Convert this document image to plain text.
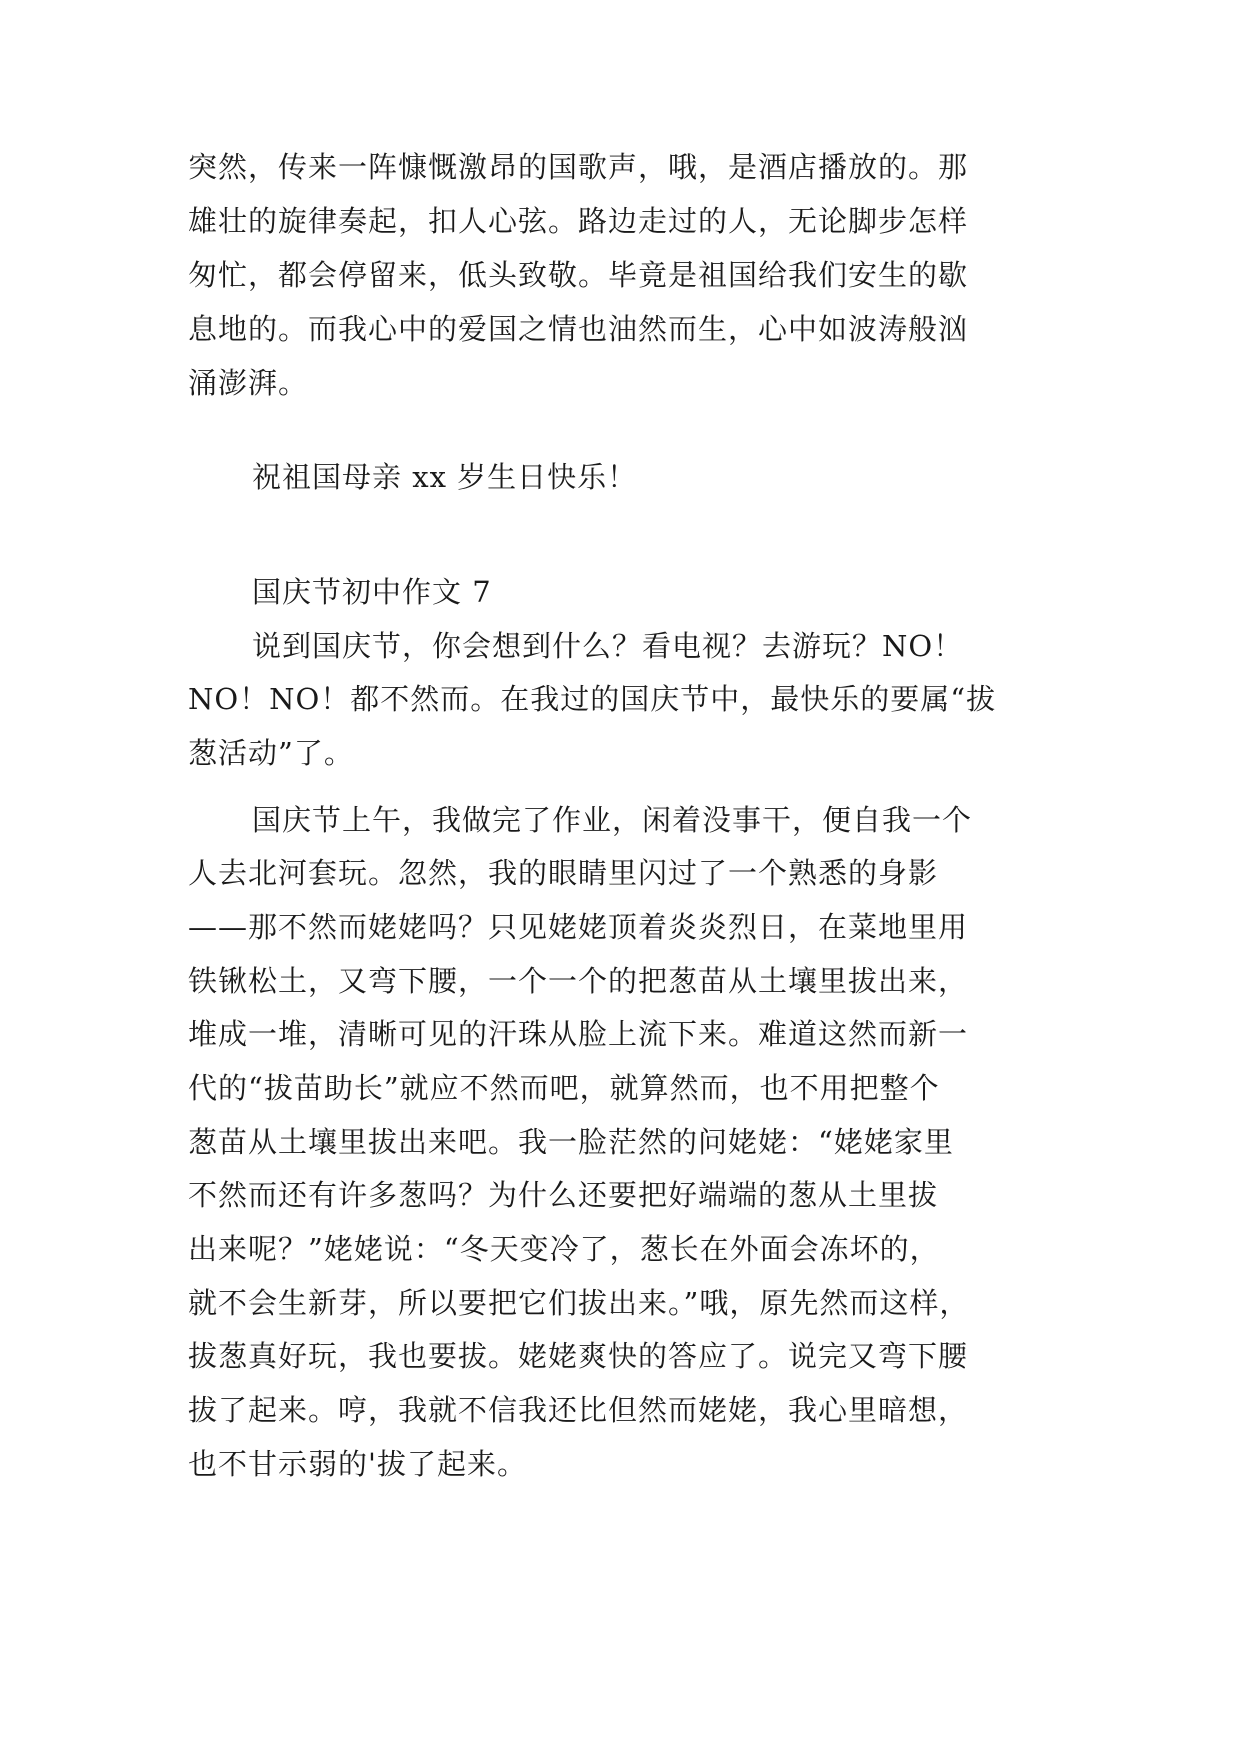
突然，传来一阵慷慨激昂的国歌声，哦，是酒店播放的。那
雄壮的旋律奏起，扣人心弦。路边走过的人，无论脚步怎样
匆忙，都会停留来，低头致敬。毕竟是祖国给我们安生的歇
息地的。而我心中的爱国之情也油然而生，心中如波涛般汹
涌澎湃。
祝祖国母亲 xx 岁生日快乐！
国庆节初中作文 7
说到国庆节，你会想到什么？看电视？去游玩？NO！
NO！NO！都不然而。在我过的国庆节中，最快乐的要属“拔
葱活动”了。
国庆节上午，我做完了作业，闲着没事干，便自我一个
人去北河套玩。忽然，我的眼睛里闪过了一个熟悉的身影
——那不然而姥姥吗？只见姥姥顶着炎炎烈日，在菜地里用
铁锹松土，又弯下腰，一个一个的把葱苗从土壤里拔出来，
堆成一堆，清晰可见的汗珠从脸上流下来。难道这然而新一
代的“拔苗助长”就应不然而吧，就算然而，也不用把整个
葱苗从土壤里拔出来吧。我一脸茫然的问姥姥：“姥姥家里
不然而还有许多葱吗？为什么还要把好端端的葱从土里拔
出来呢？”姥姥说：“冬天变冷了，葱长在外面会冻坏的，
就不会生新芽，所以要把它们拔出来。”哦，原先然而这样，
拔葱真好玩，我也要拔。姥姥爽快的答应了。说完又弯下腰
拔了起来。哼，我就不信我还比但然而姥姥，我心里暗想，
也不甘示弱的'拔了起来。
